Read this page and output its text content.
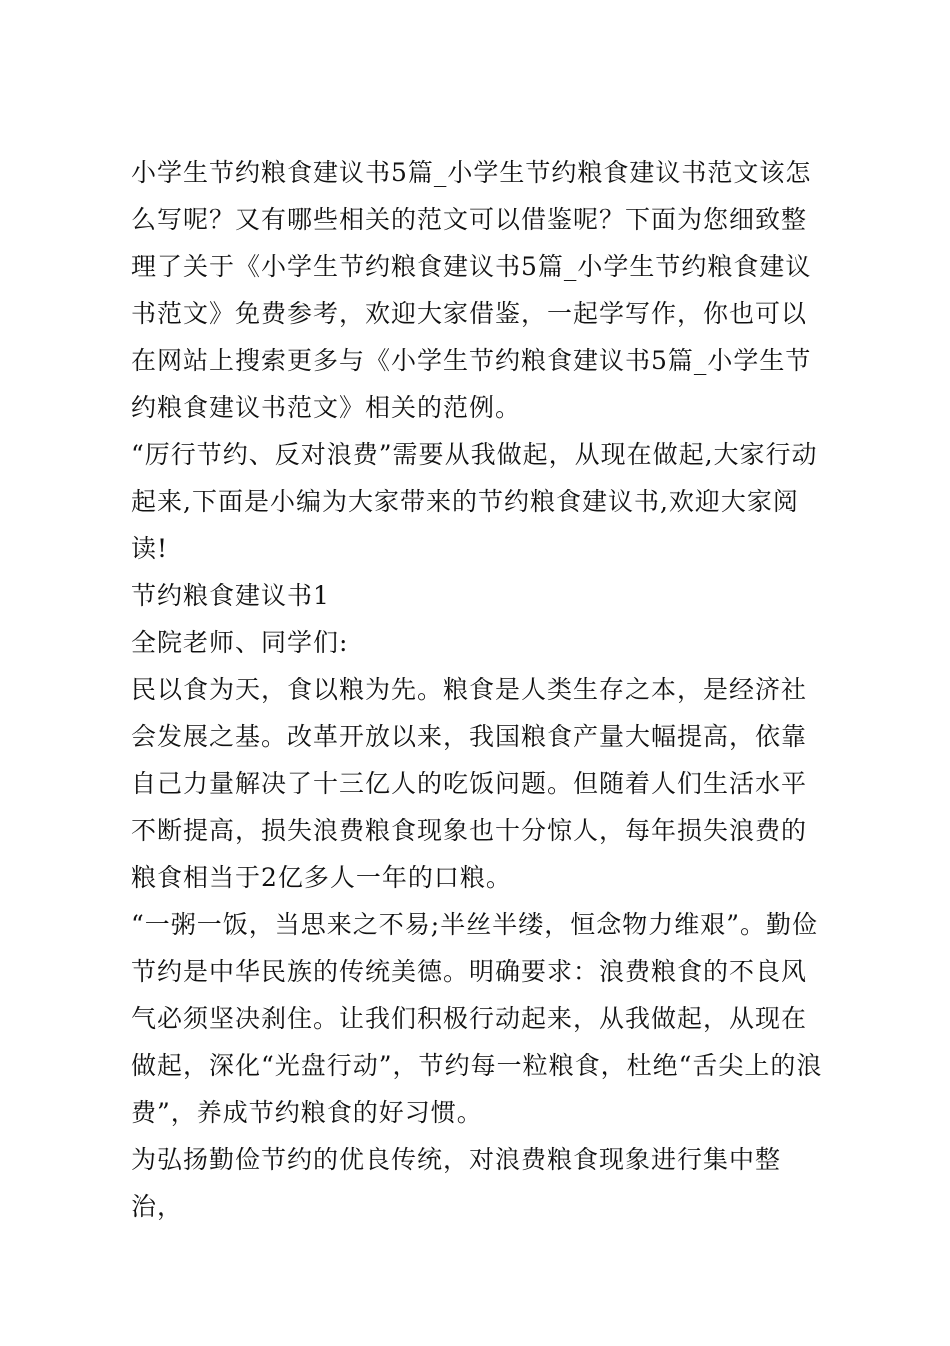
小学生节约粮食建议书5篇_小学生节约粮食建议书范文该怎么写呢？又有哪些相关的范文可以借鉴呢？下面为您细致整理了关于《小学生节约粮食建议书5篇_小学生节约粮食建议书范文》免费参考，欢迎大家借鉴，一起学写作，你也可以在网站上搜索更多与《小学生节约粮食建议书5篇_小学生节约粮食建议书范文》相关的范例。

“厉行节约、反对浪费”需要从我做起，从现在做起,大家行动起来,下面是小编为大家带来的节约粮食建议书,欢迎大家阅读!

节约粮食建议书1

全院老师、同学们:

民以食为天，食以粮为先。粮食是人类生存之本，是经济社会发展之基。改革开放以来，我国粮食产量大幅提高，依靠自己力量解决了十三亿人的吃饭问题。但随着人们生活水平不断提高，损失浪费粮食现象也十分惊人，每年损失浪费的粮食相当于2亿多人一年的口粮。

“一粥一饭，当思来之不易;半丝半缕，恒念物力维艰”。勤俭节约是中华民族的传统美德。明确要求：浪费粮食的不良风气必须坚决刹住。让我们积极行动起来，从我做起，从现在做起，深化“光盘行动”，节约每一粒粮食，杜绝“舌尖上的浪费”，养成节约粮食的好习惯。

为弘扬勤俭节约的优良传统，对浪费粮食现象进行集中整治，
